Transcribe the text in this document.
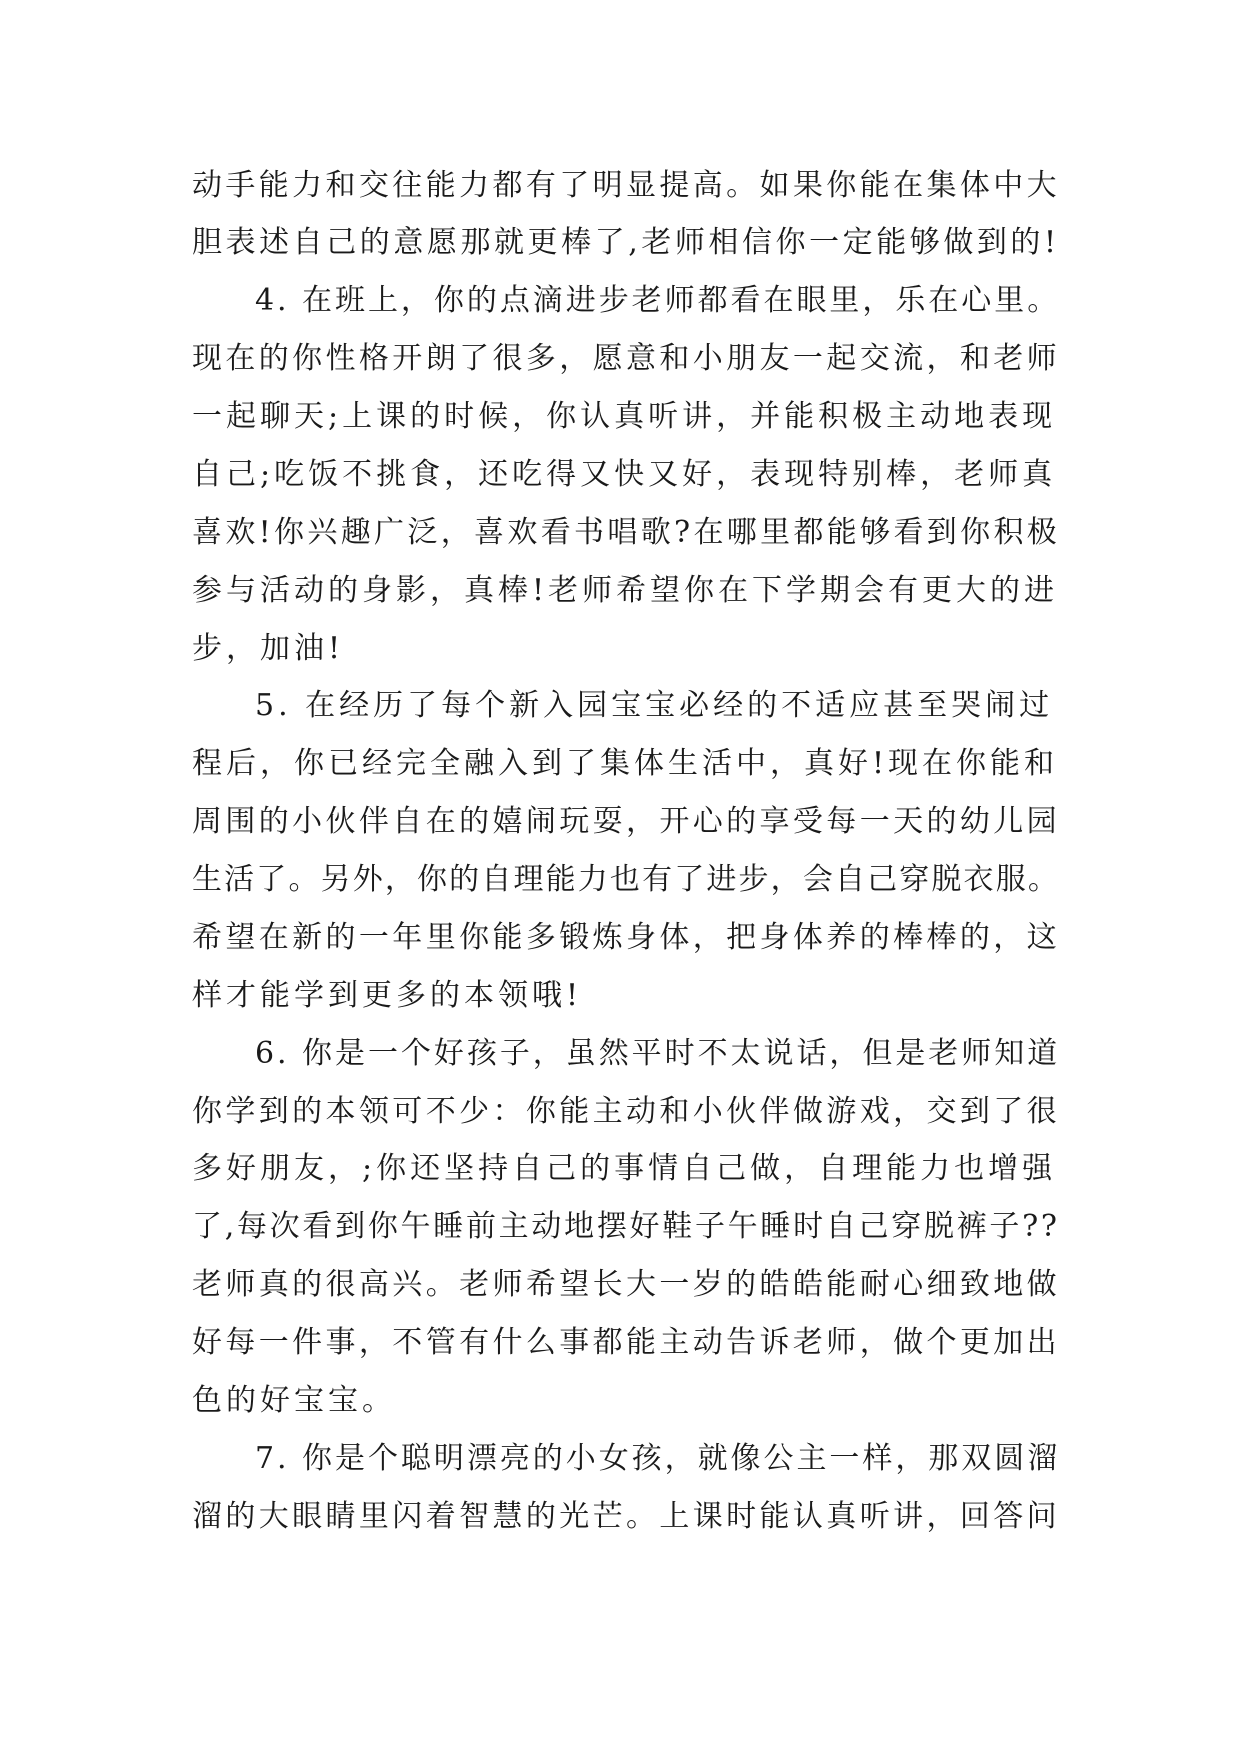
动手能力和交往能力都有了明显提高。如果你能在集体中大
胆表述自己的意愿那就更棒了,老师相信你一定能够做到的!
4. 在班上，你的点滴进步老师都看在眼里，乐在心里。
现在的你性格开朗了很多，愿意和小朋友一起交流，和老师
一起聊天;上课的时候，你认真听讲，并能积极主动地表现
自己;吃饭不挑食，还吃得又快又好，表现特别棒，老师真
喜欢!你兴趣广泛，喜欢看书唱歌?在哪里都能够看到你积极
参与活动的身影，真棒!老师希望你在下学期会有更大的进
步，加油!
5. 在经历了每个新入园宝宝必经的不适应甚至哭闹过
程后，你已经完全融入到了集体生活中，真好!现在你能和
周围的小伙伴自在的嬉闹玩耍，开心的享受每一天的幼儿园
生活了。另外，你的自理能力也有了进步，会自己穿脱衣服。
希望在新的一年里你能多锻炼身体，把身体养的棒棒的，这
样才能学到更多的本领哦!
6. 你是一个好孩子，虽然平时不太说话，但是老师知道
你学到的本领可不少：你能主动和小伙伴做游戏，交到了很
多好朋友，;你还坚持自己的事情自己做，自理能力也增强
了,每次看到你午睡前主动地摆好鞋子午睡时自己穿脱裤子??
老师真的很高兴。老师希望长大一岁的皓皓能耐心细致地做
好每一件事，不管有什么事都能主动告诉老师，做个更加出
色的好宝宝。
7. 你是个聪明漂亮的小女孩，就像公主一样，那双圆溜
溜的大眼睛里闪着智慧的光芒。上课时能认真听讲，回答问
